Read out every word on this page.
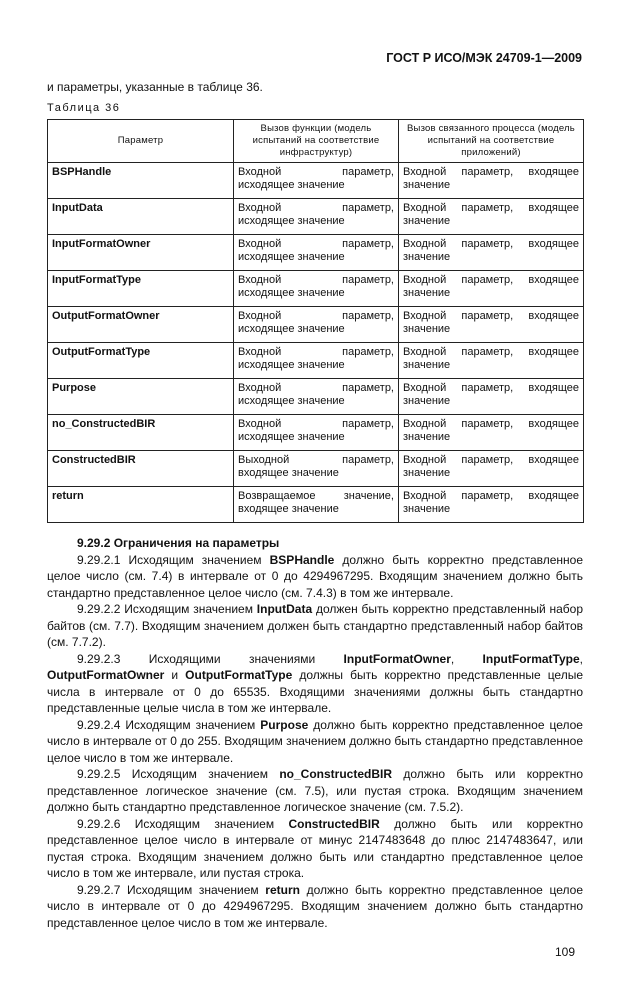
ГОСТ Р ИСО/МЭК 24709-1—2009
и параметры, указанные в таблице 36.
Таблица 36
Параметр	Вызов функции (модель испытаний на соответствие инфраструктур)	Вызов связанного процесса (модель испытаний на соответствие приложений)
BSPHandle	Входной параметр, исходящее значение	Входной параметр, входящее значение
InputData	Входной параметр, исходящее значение	Входной параметр, входящее значение
InputFormatOwner	Входной параметр, исходящее значение	Входной параметр, входящее значение
InputFormatType	Входной параметр, исходящее значение	Входной параметр, входящее значение
OutputFormatOwner	Входной параметр, исходящее значение	Входной параметр, входящее значение
OutputFormatType	Входной параметр, исходящее значение	Входной параметр, входящее значение
Purpose	Входной параметр, исходящее значение	Входной параметр, входящее значение
no_ConstructedBIR	Входной параметр, исходящее значение	Входной параметр, входящее значение
ConstructedBIR	Выходной параметр, входящее значение	Входной параметр, входящее значение
return	Возвращаемое значение, входящее значение	Входной параметр, входящее значение
9.29.2 Ограничения на параметры

9.29.2.1 Исходящим значением BSPHandle должно быть корректно представленное целое число (см. 7.4) в интервале от 0 до 4294967295. Входящим значением должно быть стандартно представленное целое число (см. 7.4.3) в том же интервале.

9.29.2.2 Исходящим значением InputData должен быть корректно представленный набор байтов (см. 7.7). Входящим значением должен быть стандартно представленный набор байтов (см. 7.7.2).

9.29.2.3 Исходящими значениями InputFormatOwner, InputFormatType, OutputFormatOwner и OutputFormatType должны быть корректно представленные целые числа в интервале от 0 до 65535. Входящими значениями должны быть стандартно представленные целые числа в том же интервале.

9.29.2.4 Исходящим значением Purpose должно быть корректно представленное целое число в интервале от 0 до 255. Входящим значением должно быть стандартно представленное целое число в том же интервале.

9.29.2.5 Исходящим значением no_ConstructedBIR должно быть или корректно представленное логическое значение (см. 7.5), или пустая строка. Входящим значением должно быть стандартно представленное логическое значение (см. 7.5.2).

9.29.2.6 Исходящим значением ConstructedBIR должно быть или корректно представленное целое число в интервале от минус 2147483648 до плюс 2147483647, или пустая строка. Входящим значением должно быть или стандартно представленное целое число в том же интервале, или пустая строка.

9.29.2.7 Исходящим значением return должно быть корректно представленное целое число в интервале от 0 до 4294967295. Входящим значением должно быть стандартно представленное целое число в том же интервале.

109
